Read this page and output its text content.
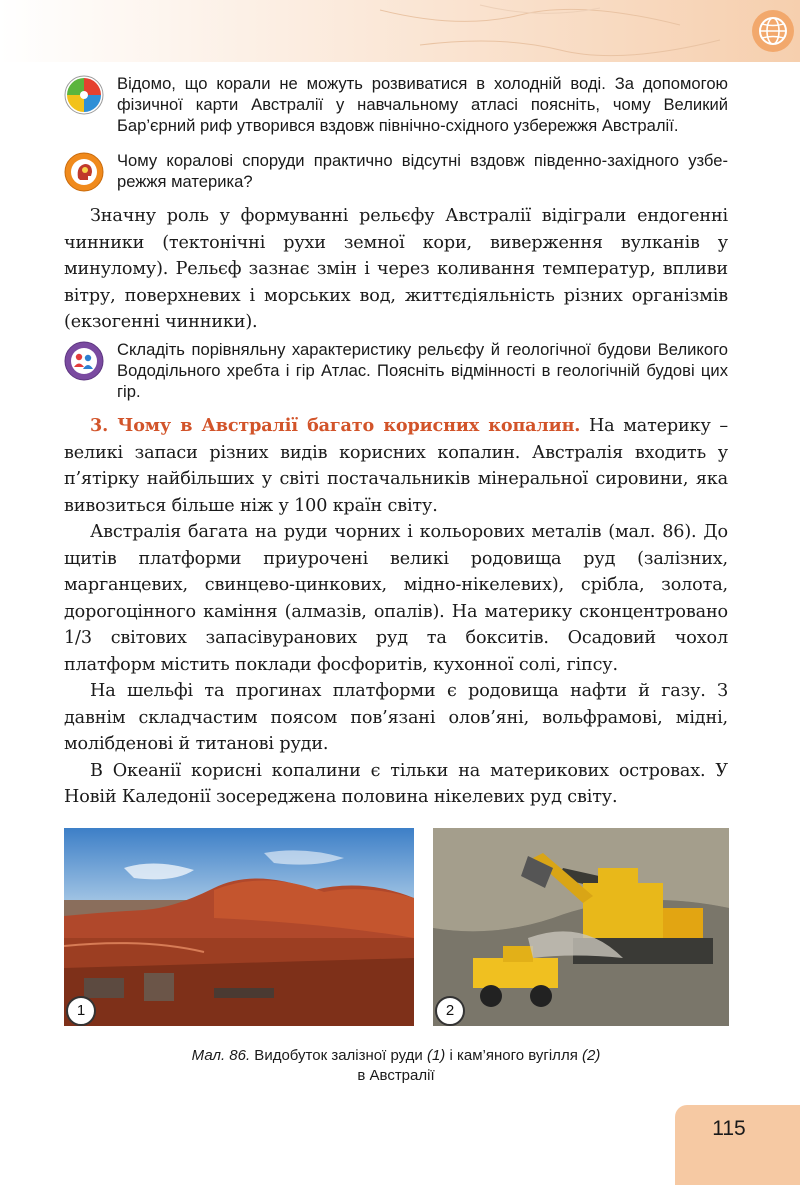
Відомо, що корали не можуть розвиватися в холодній воді. За допомогою фізичної карти Австралії у навчальному атласі поясніть, чому Великий Бар’єрний риф утворився вздовж північно-східного узбережжя Австралії.
Чому коралові споруди практично відсутні вздовж південно-західного узбережжя материка?

Значну роль у формуванні рельєфу Австралії відіграли ендогенні чинники (тектонічні рухи земної кори, виверження вулканів у минулому). Рельєф зазнає змін і через коливання температур, впливи вітру, поверхневих і морських вод, життєдіяльність різних організмів (екзогенні чинники).

Складіть порівняльну характеристику рельєфу й геологічної будови Великого Вододільного хребта і гір Атлас. Поясніть відмінності в геологічній будові цих гір.

3. Чому в Австралії багато корисних копалин. На материку – великі запаси різних видів корисних копалин. Австралія входить у п’ятірку найбільших у світі постачальників мінеральної сировини, яка вивозиться більше ніж у 100 країн світу.

Австралія багата на руди чорних і кольорових металів (мал. 86). До щитів платформи приурочені великі родовища руд (залізних, марганцевих, свинцево-цинкових, мідно-нікелевих), срібла, золота, дорогоцінного каміння (алмазів, опалів). На материку сконцентровано 1/3 світових запасівуранових руд та бокситів. Осадовий чохол платформ містить поклади фосфоритів, кухонної солі, гіпсу.

На шельфі та прогинах платформи є родовища нафти й газу. З давнім складчастим поясом пов’язані олов’яні, вольфрамові, мідні, молібденові й титанові руди.

В Океанії корисні копалини є тільки на материкових островах. У Новій Каледонії зосереджена половина нікелевих руд світу.

1	2
Мал. 86. Видобуток залізної руди (1) і кам’яного вугілля (2)
в Австралії
115
